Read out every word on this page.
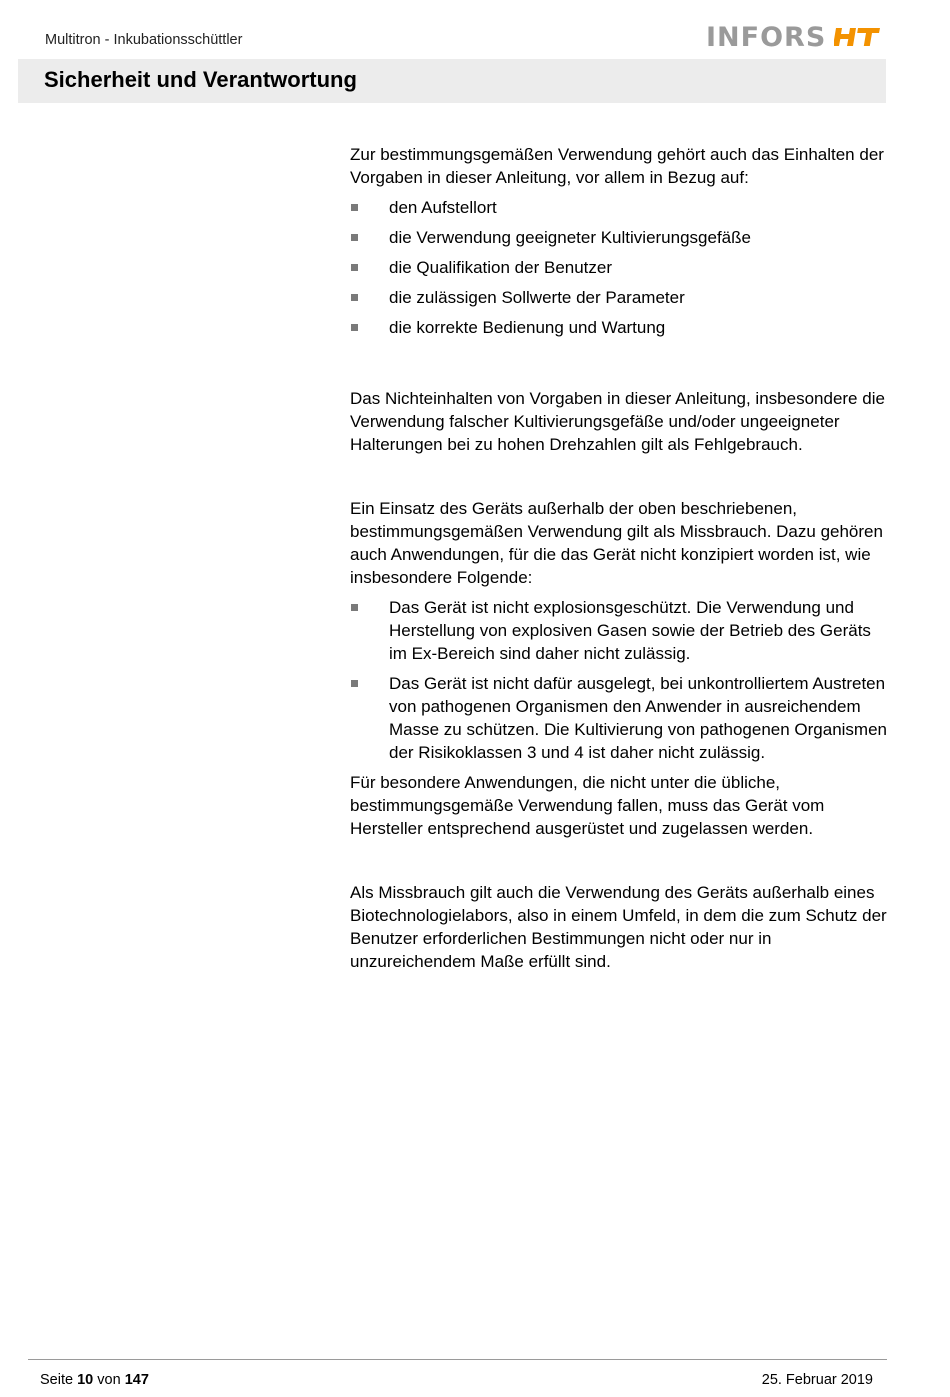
Multitron - Inkubationsschüttler	INFORS
Sicherheit und Verantwortung

Zur bestimmungsgemäßen Verwendung gehört auch das Einhalten der Vorgaben in dieser Anleitung, vor allem in Bezug auf:

den Aufstellort
die Verwendung geeigneter Kultivierungsgefäße
die Qualifikation der Benutzer
die zulässigen Sollwerte der Parameter
die korrekte Bedienung und Wartung

Das Nichteinhalten von Vorgaben in dieser Anleitung, insbesondere die Verwendung falscher Kultivierungsgefäße und/oder ungeeigneter Halterungen bei zu hohen Drehzahlen gilt als Fehlgebrauch.

Ein Einsatz des Geräts außerhalb der oben beschriebenen, bestimmungsgemäßen Verwendung gilt als Missbrauch. Dazu gehören auch Anwendungen, für die das Gerät nicht konzipiert worden ist, wie insbesondere Folgende:

Das Gerät ist nicht explosionsgeschützt. Die Verwendung und Herstellung von explosiven Gasen sowie der Betrieb des Geräts im Ex-Bereich sind daher nicht zulässig.
Das Gerät ist nicht dafür ausgelegt, bei unkontrolliertem Austreten von pathogenen Organismen den Anwender in ausreichendem Masse zu schützen. Die Kultivierung von pathogenen Organismen der Risikoklassen 3 und 4 ist daher nicht zulässig.

Für besondere Anwendungen, die nicht unter die übliche, bestimmungsgemäße Verwendung fallen, muss das Gerät vom Hersteller entsprechend ausgerüstet und zugelassen werden.

Als Missbrauch gilt auch die Verwendung des Geräts außerhalb eines Biotechnologielabors, also in einem Umfeld, in dem die zum Schutz der Benutzer erforderlichen Bestimmungen nicht oder nur in unzureichendem Maße erfüllt sind.

Seite 10 von 147	25. Februar 2019
